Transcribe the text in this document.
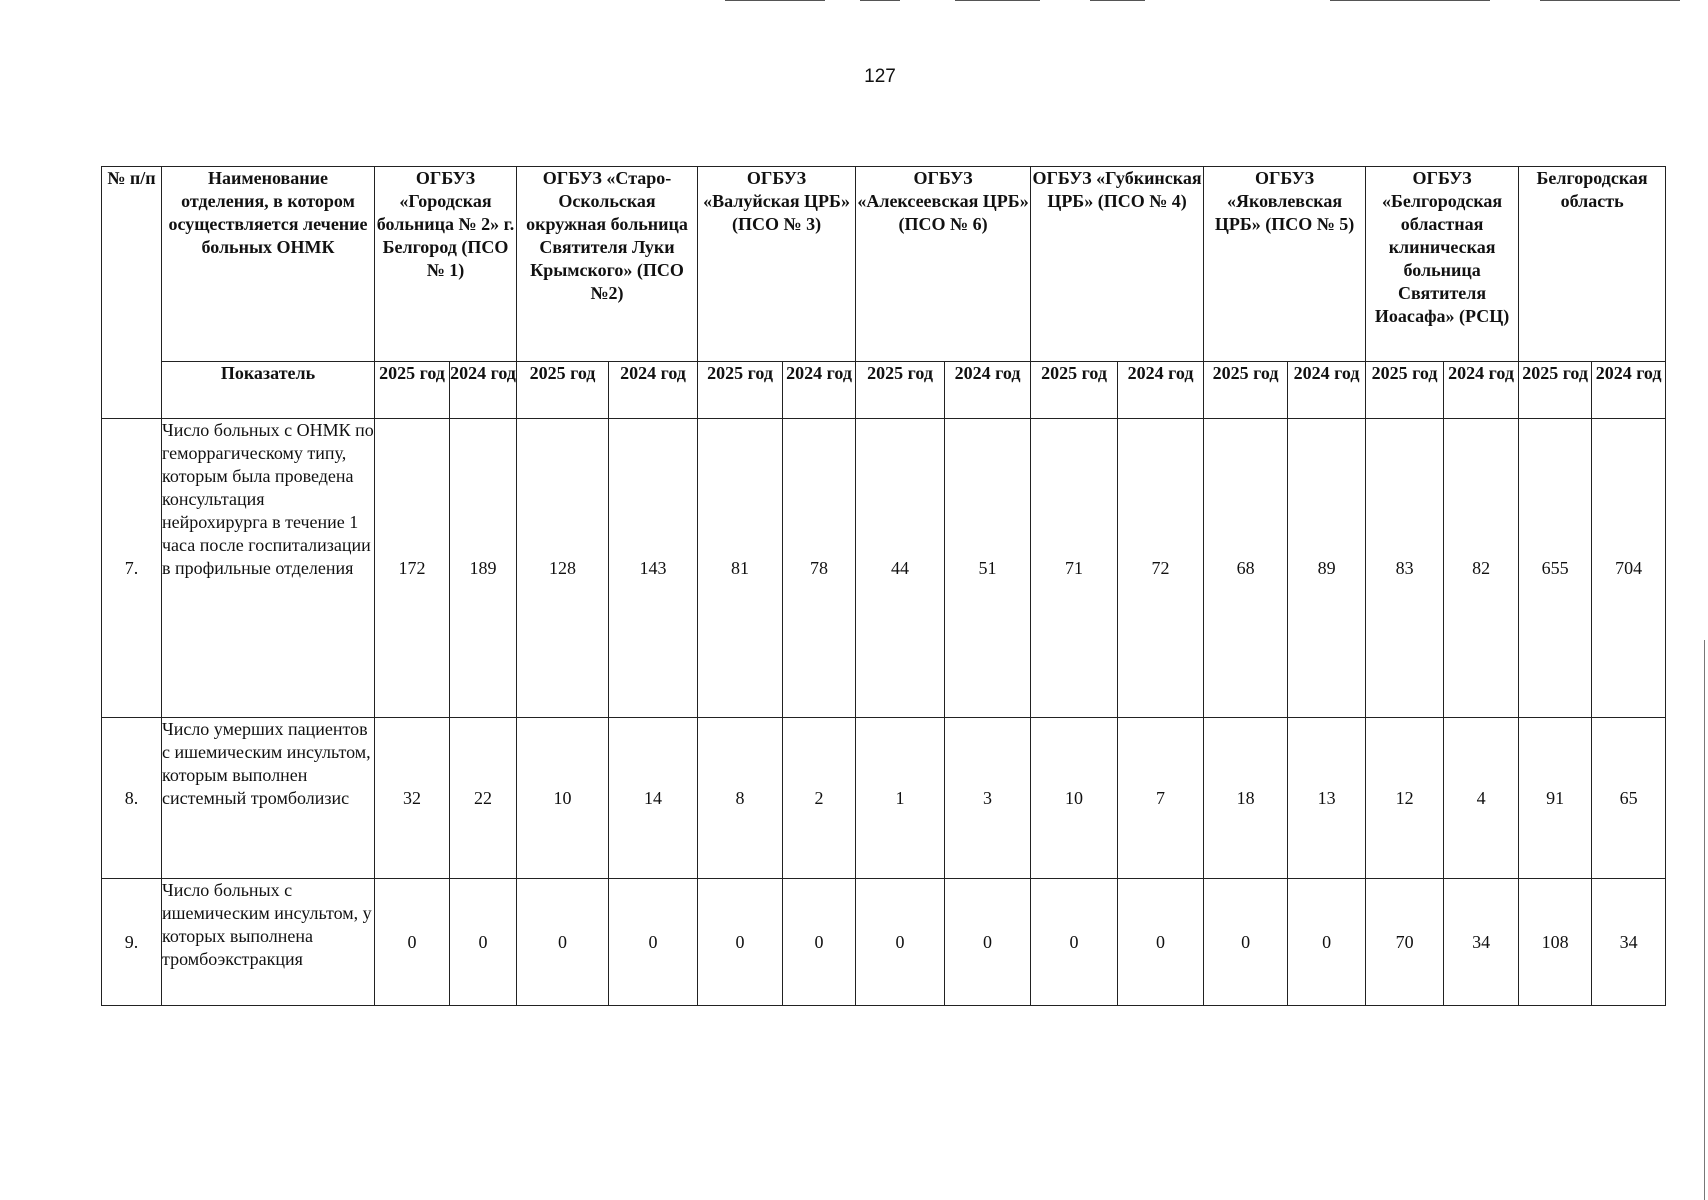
127
№ п/п	Наименование отделения, в котором осуществляется лечение больных ОНМК	ОГБУЗ «Городская больница № 2» г. Белгород (ПСО № 1)		ОГБУЗ «Старо-Оскольская окружная больница Святителя Луки Крымского» (ПСО №2)		ОГБУЗ «Валуйская ЦРБ» (ПСО № 3)		ОГБУЗ «Алексеевская ЦРБ» (ПСО № 6)		ОГБУЗ «Губкинская ЦРБ» (ПСО № 4)		ОГБУЗ «Яковлевская ЦРБ» (ПСО № 5)		ОГБУЗ «Белгородская областная клиническая больница Святителя Иоасафа» (РСЦ)		Белгородская область	
	Показатель	2025 год	2024 год	2025 год	2024 год	2025 год	2024 год	2025 год	2024 год	2025 год	2024 год	2025 год	2024 год	2025 год	2024 год	2025 год	2024 год
7.	Число больных с ОНМК по геморрагическому типу, которым была проведена консультация нейрохирурга в течение 1 часа после госпитализации в профильные отделения	172	189	128	143	81	78	44	51	71	72	68	89	83	82	655	704
8.	Число умерших пациентов с ишемическим инсультом, которым выполнен системный тромболизис	32	22	10	14	8	2	1	3	10	7	18	13	12	4	91	65
9.	Число больных с ишемическим инсультом, у которых выполнена тромбоэкстракция	0	0	0	0	0	0	0	0	0	0	0	0	70	34	108	34
